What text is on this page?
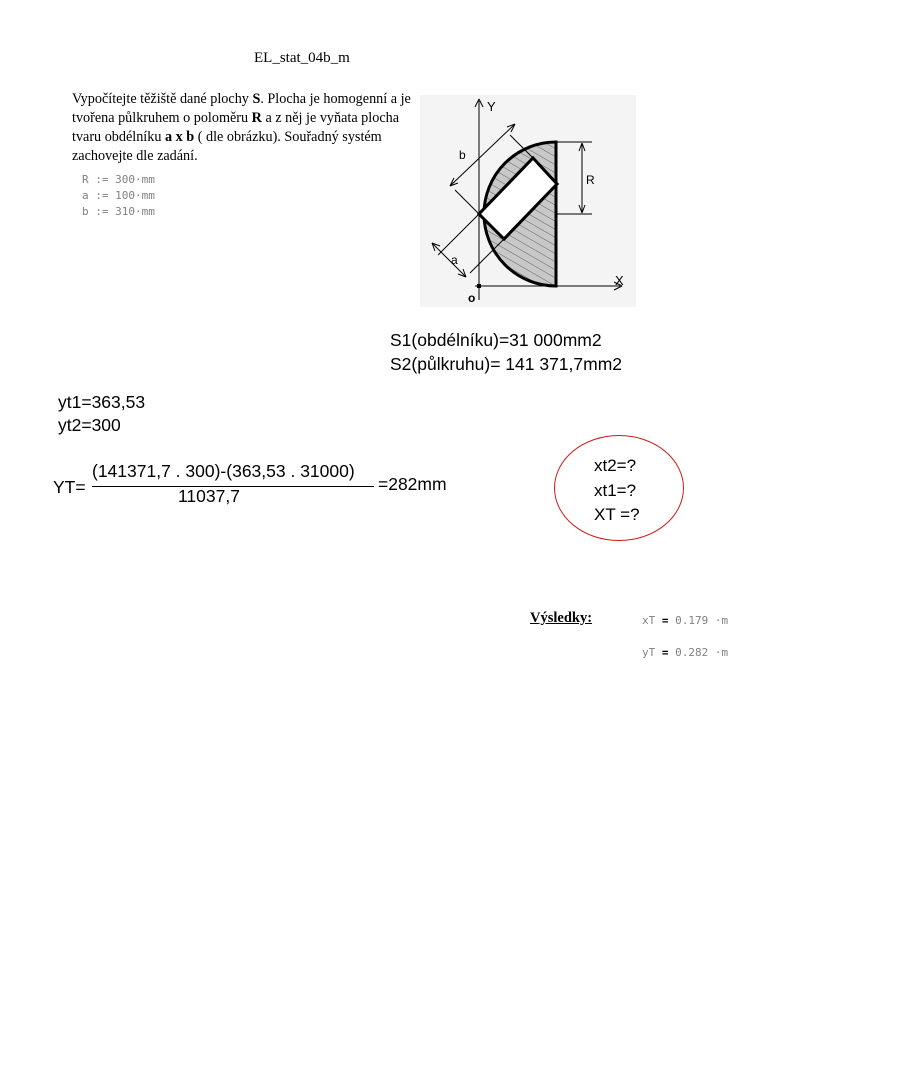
EL_stat_04b_m
Vypočítejte těžiště dané plochy S. Plocha je homogenní a je tvořena půlkruhem o poloměru R a z něj je vyňata plocha tvaru obdélníku a x b ( dle obrázku). Souřadný systém zachovejte dle zadání.
R := 300·mm
a := 100·mm
b := 310·mm
Y
X
o
R
b
a
S1(obdélníku)=31 000mm2
S2(půlkruhu)= 141 371,7mm2
yt1=363,53
yt2=300
YT=
(141371,7 . 300)-(363,53 . 31000)
11037,7
=282mm
xt2=?
xt1=?
XT =?
Výsledky:	xT = 0.179 ·m
yT = 0.282 ·m
